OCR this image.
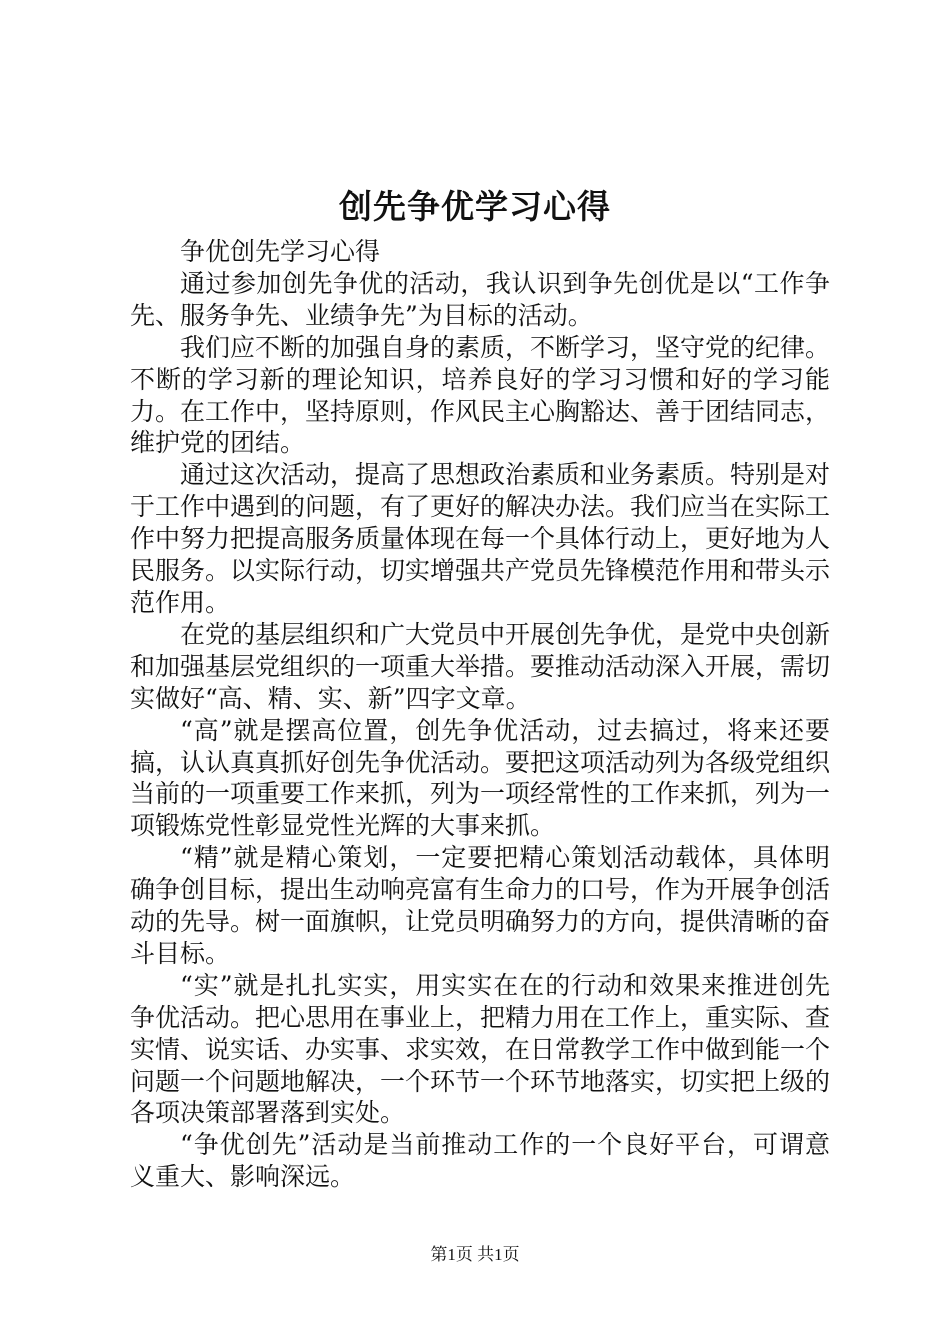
创先争优学习心得

争优创先学习心得

通过参加创先争优的活动，我认识到争先创优是以“工作争先、服务争先、业绩争先”为目标的活动。

我们应不断的加强自身的素质，不断学习，坚守党的纪律。不断的学习新的理论知识，培养良好的学习习惯和好的学习能力。在工作中，坚持原则，作风民主心胸豁达、善于团结同志，维护党的团结。

通过这次活动，提高了思想政治素质和业务素质。特别是对于工作中遇到的问题，有了更好的解决办法。我们应当在实际工作中努力把提高服务质量体现在每一个具体行动上，更好地为人民服务。以实际行动，切实增强共产党员先锋模范作用和带头示范作用。

在党的基层组织和广大党员中开展创先争优，是党中央创新和加强基层党组织的一项重大举措。要推动活动深入开展，需切实做好“高、精、实、新”四字文章。

“高”就是摆高位置，创先争优活动，过去搞过，将来还要搞，认认真真抓好创先争优活动。要把这项活动列为各级党组织当前的一项重要工作来抓，列为一项经常性的工作来抓，列为一项锻炼党性彰显党性光辉的大事来抓。

“精”就是精心策划，一定要把精心策划活动载体，具体明确争创目标，提出生动响亮富有生命力的口号，作为开展争创活动的先导。树一面旗帜，让党员明确努力的方向，提供清晰的奋斗目标。

“实”就是扎扎实实，用实实在在的行动和效果来推进创先争优活动。把心思用在事业上，把精力用在工作上，重实际、查实情、说实话、办实事、求实效，在日常教学工作中做到能一个问题一个问题地解决，一个环节一个环节地落实，切实把上级的各项决策部署落到实处。

“争优创先”活动是当前推动工作的一个良好平台，可谓意义重大、影响深远。

第1页 共1页
